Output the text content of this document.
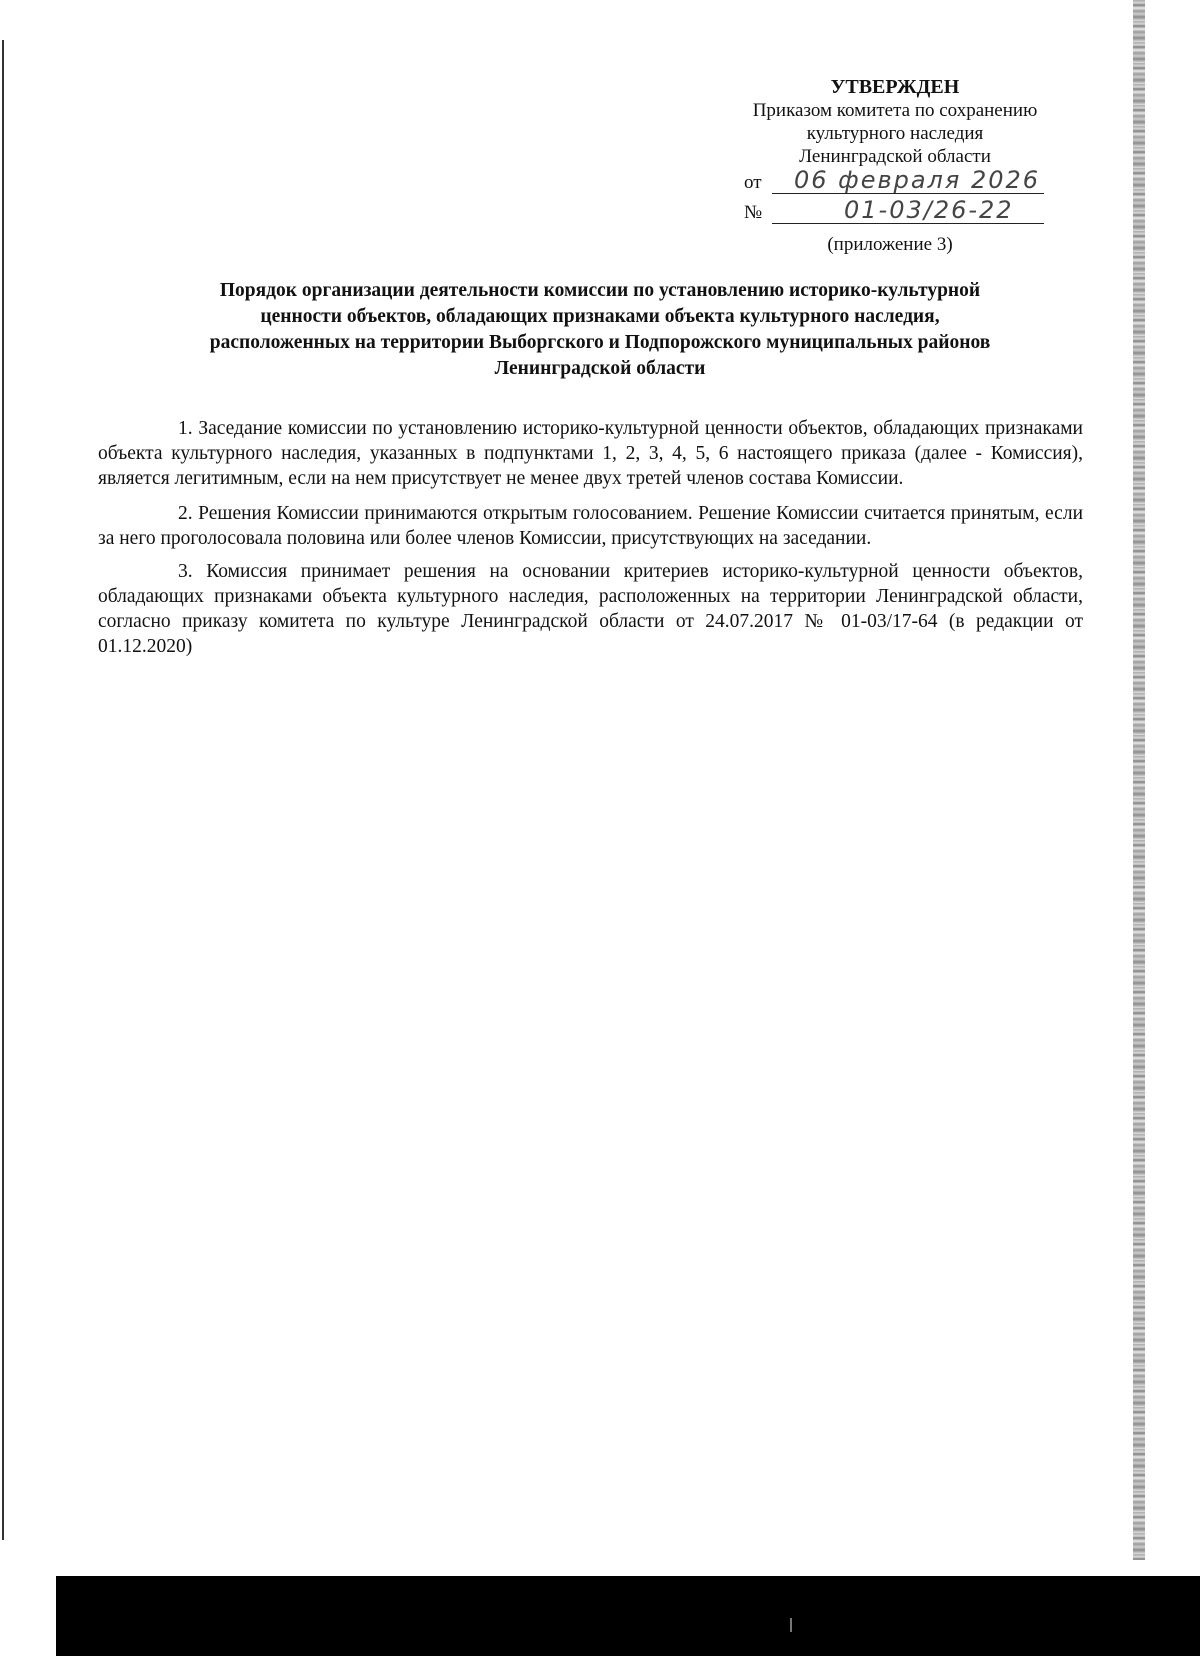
УТВЕРЖДЕН
Приказом комитета по сохранению
культурного наследия
Ленинградской области
от 06 февраля 2026
№	01-03/26-22
(приложение 3)
Порядок организации деятельности комиссии по установлению историко-культурной
ценности объектов, обладающих признаками объекта культурного наследия,
расположенных на территории Выборгского и Подпорожского муниципальных районов
Ленинградской области

1. Заседание комиссии по установлению историко-культурной ценности объектов, обладающих признаками объекта культурного наследия, указанных в подпунктами 1, 2, 3, 4, 5, 6 настоящего приказа (далее - Комиссия), является легитимным, если на нем присутствует не менее двух третей членов состава Комиссии.

2. Решения Комиссии принимаются открытым голосованием. Решение Комиссии считается принятым, если за него проголосовала половина или более членов Комиссии, присутствующих на заседании.

3. Комиссия принимает решения на основании критериев историко-культурной ценности объектов, обладающих признаками объекта культурного наследия, расположенных на территории Ленинградской области, согласно приказу комитета по культуре Ленинградской области от 24.07.2017 № 01-03/17-64 (в редакции от 01.12.2020)
